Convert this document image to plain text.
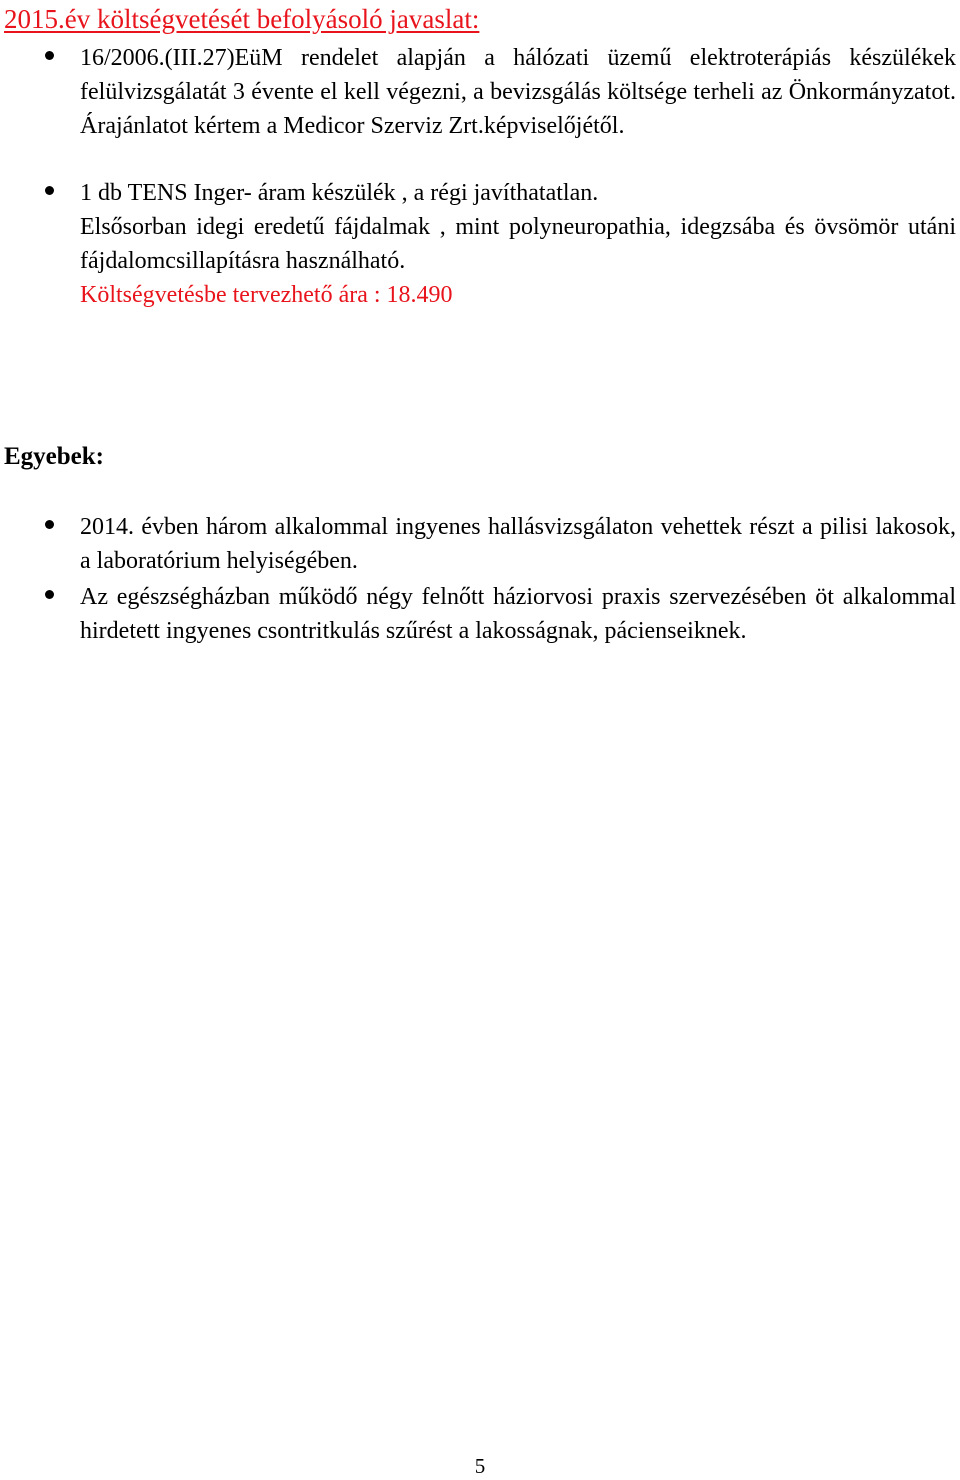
2015.év költségvetését befolyásoló javaslat:
16/2006.(III.27)EüM rendelet alapján a hálózati üzemű elektroterápiás készülékek felülvizsgálatát 3 évente el kell végezni, a bevizsgálás költsége terheli az Önkormányzatot. Árajánlatot kértem a Medicor Szerviz Zrt.képviselőjétől.
1 db TENS Inger- áram készülék , a régi javíthatatlan.
Elsősorban idegi eredetű fájdalmak , mint polyneuropathia, idegzsába és övsömör utáni fájdalomcsillapításra használható.
Költségvetésbe tervezhető ára : 18.490
Egyebek:
2014. évben három alkalommal ingyenes hallásvizsgálaton vehettek részt a pilisi lakosok, a laboratórium helyiségében.
Az egészségházban működő négy felnőtt háziorvosi praxis szervezésében öt alkalommal hirdetett ingyenes csontritkulás szűrést a lakosságnak, pácienseiknek.
5
